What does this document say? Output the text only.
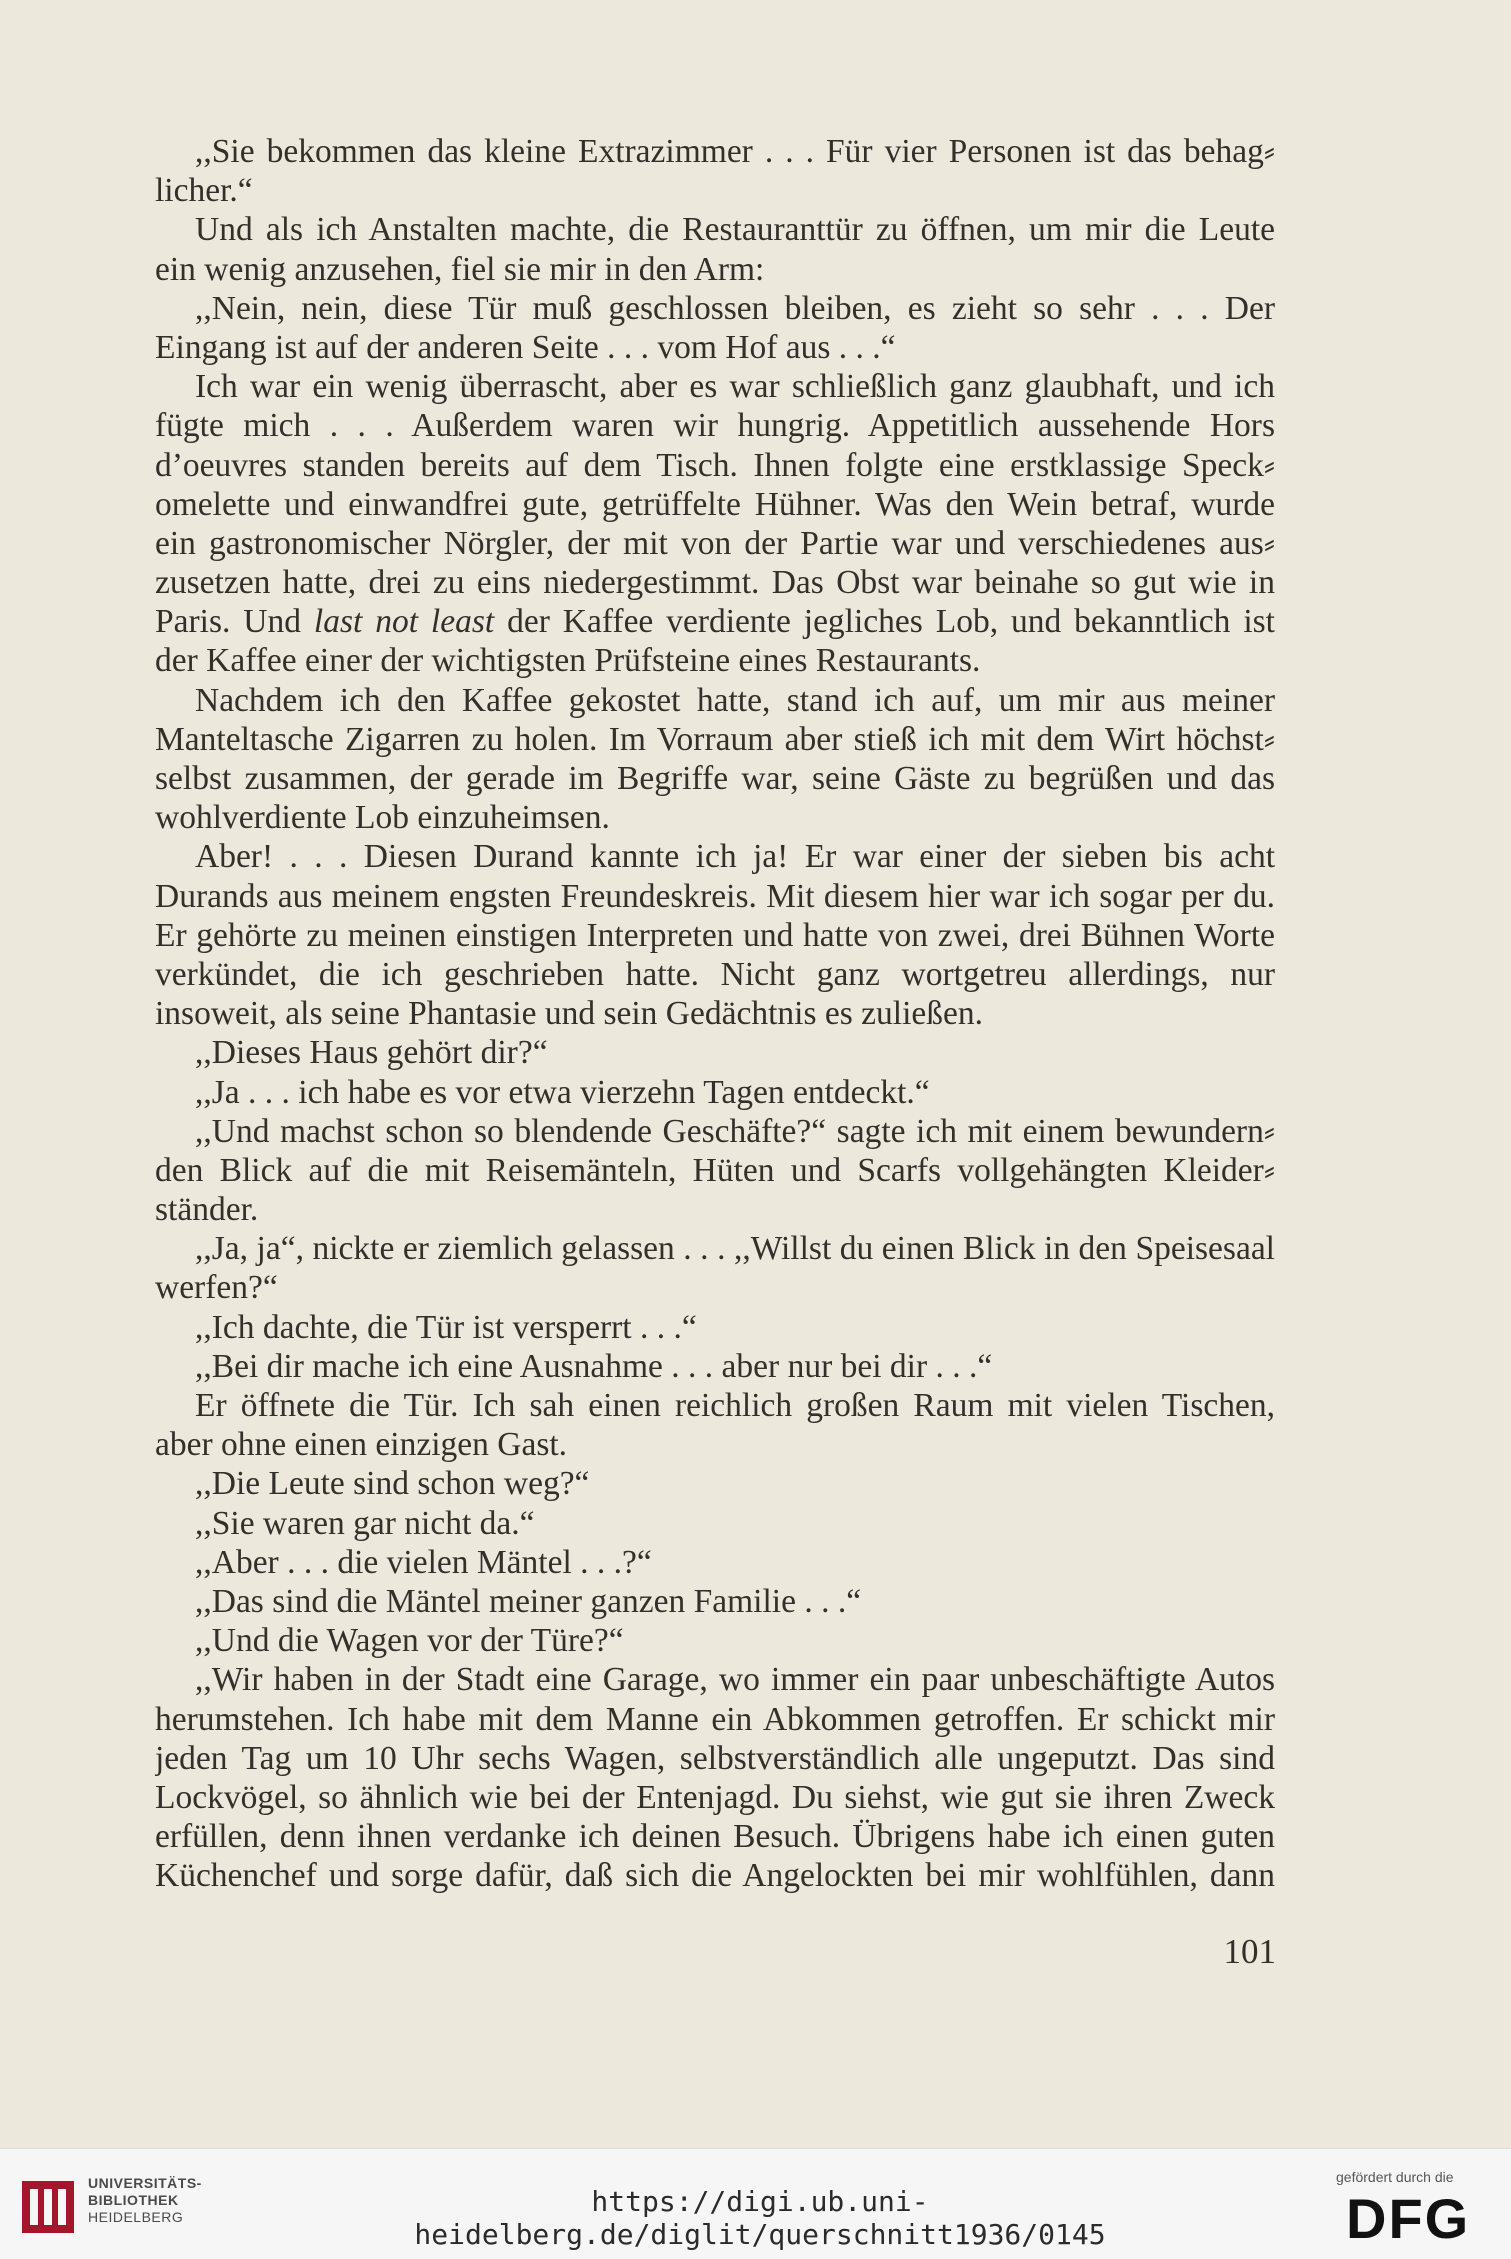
,,Sie bekommen das kleine Extrazimmer . . . Für vier Personen ist das behag⸗
licher.“
Und als ich Anstalten machte, die Restauranttür zu öffnen, um mir die Leute
ein wenig anzusehen, fiel sie mir in den Arm:
,,Nein, nein, diese Tür muß geschlossen bleiben, es zieht so sehr . . . Der
Eingang ist auf der anderen Seite . . . vom Hof aus . . .“
Ich war ein wenig überrascht, aber es war schließlich ganz glaubhaft, und ich
fügte mich . . . Außerdem waren wir hungrig. Appetitlich aussehende Hors
d’oeuvres standen bereits auf dem Tisch. Ihnen folgte eine erstklassige Speck⸗
omelette und einwandfrei gute, getrüffelte Hühner. Was den Wein betraf, wurde
ein gastronomischer Nörgler, der mit von der Partie war und verschiedenes aus⸗
zusetzen hatte, drei zu eins niedergestimmt. Das Obst war beinahe so gut wie in
Paris. Und last not least der Kaffee verdiente jegliches Lob, und bekanntlich ist
der Kaffee einer der wichtigsten Prüfsteine eines Restaurants.
Nachdem ich den Kaffee gekostet hatte, stand ich auf, um mir aus meiner
Manteltasche Zigarren zu holen. Im Vorraum aber stieß ich mit dem Wirt höchst⸗
selbst zusammen, der gerade im Begriffe war, seine Gäste zu begrüßen und das
wohlverdiente Lob einzuheimsen.
Aber! . . . Diesen Durand kannte ich ja! Er war einer der sieben bis acht
Durands aus meinem engsten Freundeskreis. Mit diesem hier war ich sogar per du.
Er gehörte zu meinen einstigen Interpreten und hatte von zwei, drei Bühnen Worte
verkündet, die ich geschrieben hatte. Nicht ganz wortgetreu allerdings, nur
insoweit, als seine Phantasie und sein Gedächtnis es zuließen.
,,Dieses Haus gehört dir?“
,,Ja . . . ich habe es vor etwa vierzehn Tagen entdeckt.“
,,Und machst schon so blendende Geschäfte?“ sagte ich mit einem bewundern⸗
den Blick auf die mit Reisemänteln, Hüten und Scarfs vollgehängten Kleider⸗
ständer.
,,Ja, ja“, nickte er ziemlich gelassen . . . ,,Willst du einen Blick in den Speisesaal
werfen?“
,,Ich dachte, die Tür ist versperrt . . .“
,,Bei dir mache ich eine Ausnahme . . . aber nur bei dir . . .“
Er öffnete die Tür. Ich sah einen reichlich großen Raum mit vielen Tischen,
aber ohne einen einzigen Gast.
,,Die Leute sind schon weg?“
,,Sie waren gar nicht da.“
,,Aber . . . die vielen Mäntel . . .?“
,,Das sind die Mäntel meiner ganzen Familie . . .“
,,Und die Wagen vor der Türe?“
,,Wir haben in der Stadt eine Garage, wo immer ein paar unbeschäftigte Autos
herumstehen. Ich habe mit dem Manne ein Abkommen getroffen. Er schickt mir
jeden Tag um 10 Uhr sechs Wagen, selbstverständlich alle ungeputzt. Das sind
Lockvögel, so ähnlich wie bei der Entenjagd. Du siehst, wie gut sie ihren Zweck
erfüllen, denn ihnen verdanke ich deinen Besuch. Übrigens habe ich einen guten
Küchenchef und sorge dafür, daß sich die Angelockten bei mir wohlfühlen, dann
101
UNIVERSITÄTS-
BIBLIOTHEK
HEIDELBERG	https://digi.ub.uni-heidelberg.de/diglit/querschnitt1936/0145
gefördert durch die
DFG
